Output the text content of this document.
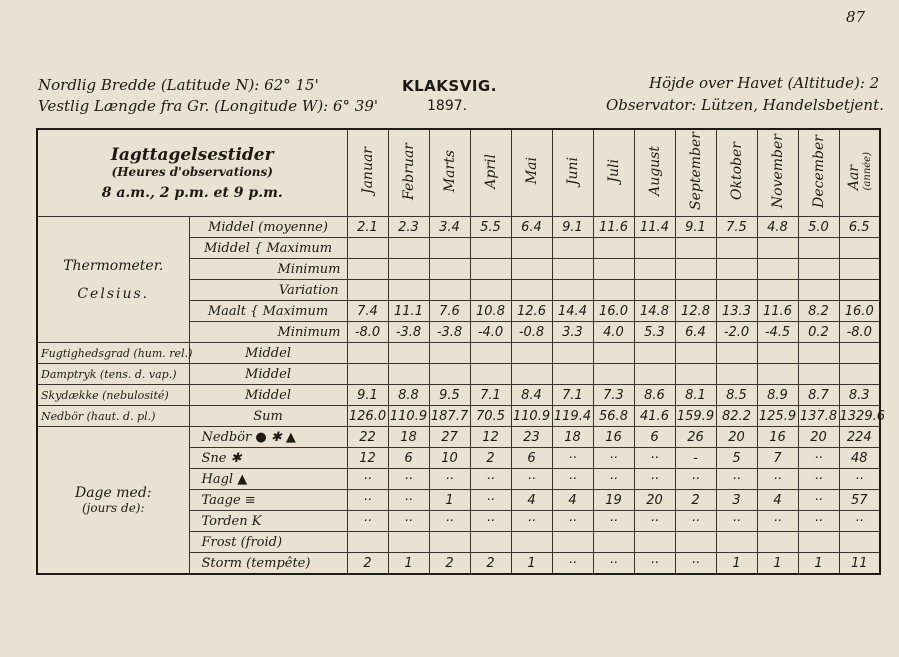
87
Nordlig Bredde (Latitude N): 62° 15'
Vestlig Længde fra Gr. (Longitude W): 6° 39'
KLAKSVIG.
1897.
Höjde over Havet (Altitude): 2
Observator: Lützen, Handelsbetjent.
Iagttagelsestider
(Heures d'observations)
8 a.m., 2 p.m. et 9 p.m.		Januar	Februar	Marts	April	Mai	Juni	Juli	August	September	Oktober	November	December	Aar(année)

Thermometer.
Celsius.	Middel (moyenne)	2.1	2.3	3.4	5.5	6.4	9.1	11.6	11.4	9.1	7.5	4.8	5.0	6.5
	Middel { Maximum													
	Minimum													
	Variation													
	Maalt { Maximum	7.4	11.1	7.6	10.8	12.6	14.4	16.0	14.8	12.8	13.3	11.6	8.2	16.0
	Minimum	-8.0	-3.8	-3.8	-4.0	-0.8	3.3	4.0	5.3	6.4	-2.0	-4.5	0.2	-8.0
Fugtighedsgrad (hum. rel.)	Middel													
Damptryk (tens. d. vap.)	Middel													
Skydække (nebulosité)	Middel	9.1	8.8	9.5	7.1	8.4	7.1	7.3	8.6	8.1	8.5	8.9	8.7	8.3
Nedbör (haut. d. pl.)	Sum	126.0	110.9	187.7	70.5	110.9	119.4	56.8	41.6	159.9	82.2	125.9	137.8	1329.6

Dage med:
(jours de):	Nedbör ● ✱ ▲	22	18	27	12	23	18	16	6	26	20	16	20	224
	Sne ✱	12	6	10	2	6	··	··	··	-	5	7	··	48
	Hagl ▲	··	··	··	··	··	··	··	··	··	··	··	··	··
	Taage ≡	··	··	1	··	4	4	19	20	2	3	4	··	57
	Torden K	··	··	··	··	··	··	··	··	··	··	··	··	··
	Frost (froid)													
	Storm (tempête)	2	1	2	2	1	··	··	··	··	1	1	1	11
